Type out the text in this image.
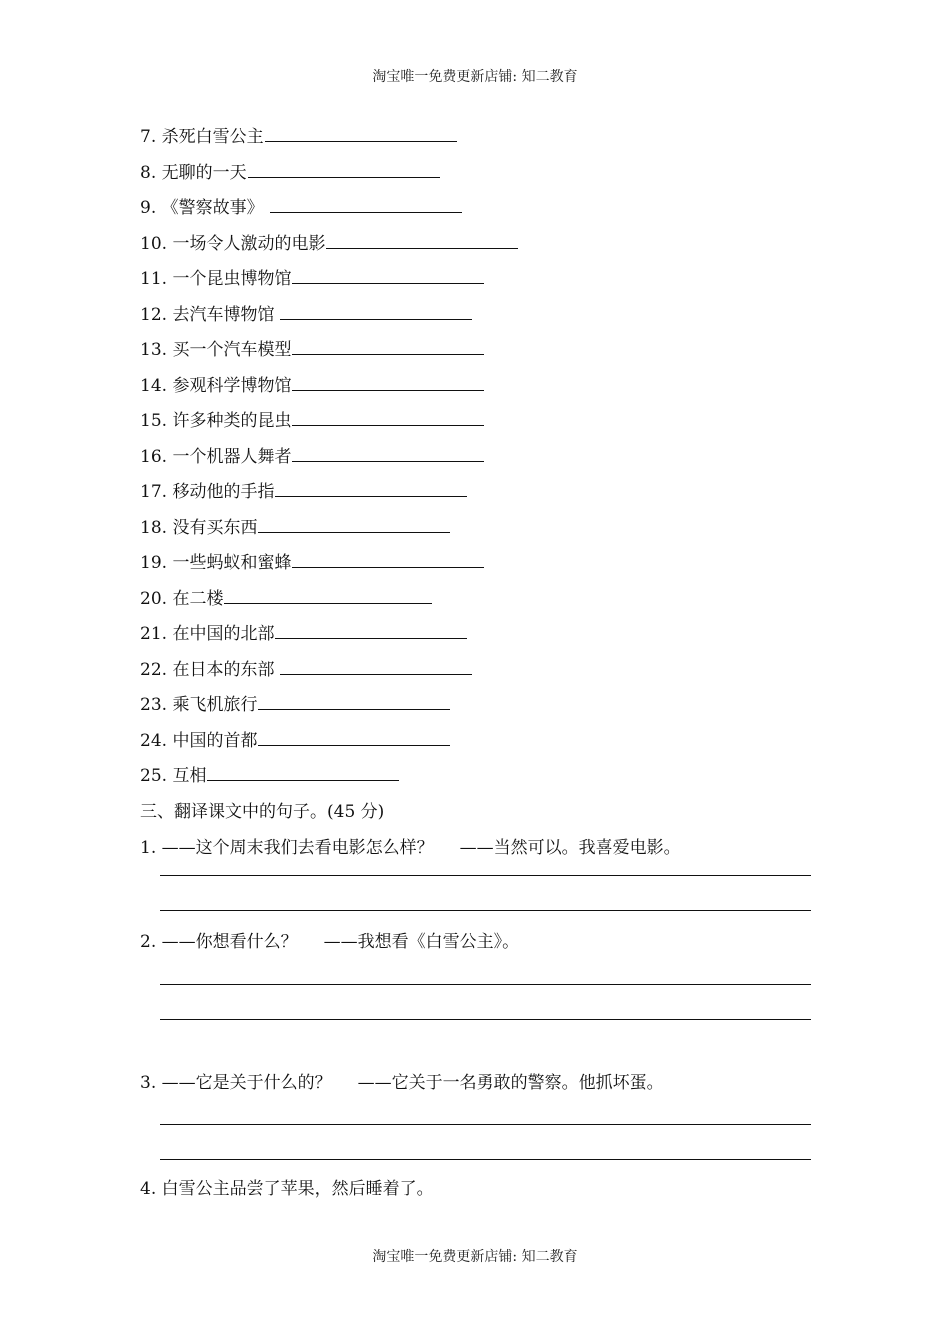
淘宝唯一免费更新店铺: 知二教育
7. 杀死白雪公主
8. 无聊的一天
9. 《警察故事》
10. 一场令人激动的电影
11. 一个昆虫博物馆
12. 去汽车博物馆
13. 买一个汽车模型
14. 参观科学博物馆
15. 许多种类的昆虫
16. 一个机器人舞者
17. 移动他的手指
18. 没有买东西
19. 一些蚂蚁和蜜蜂
20. 在二楼
21. 在中国的北部
22. 在日本的东部
23. 乘飞机旅行
24. 中国的首都
25. 互相
三、翻译课文中的句子。(45 分)
1. ——这个周末我们去看电影怎么样？ ——当然可以。我喜爱电影。
2. ——你想看什么？ ——我想看《白雪公主》。
3. ——它是关于什么的？ ——它关于一名勇敢的警察。他抓坏蛋。
4. 白雪公主品尝了苹果，然后睡着了。
淘宝唯一免费更新店铺: 知二教育
